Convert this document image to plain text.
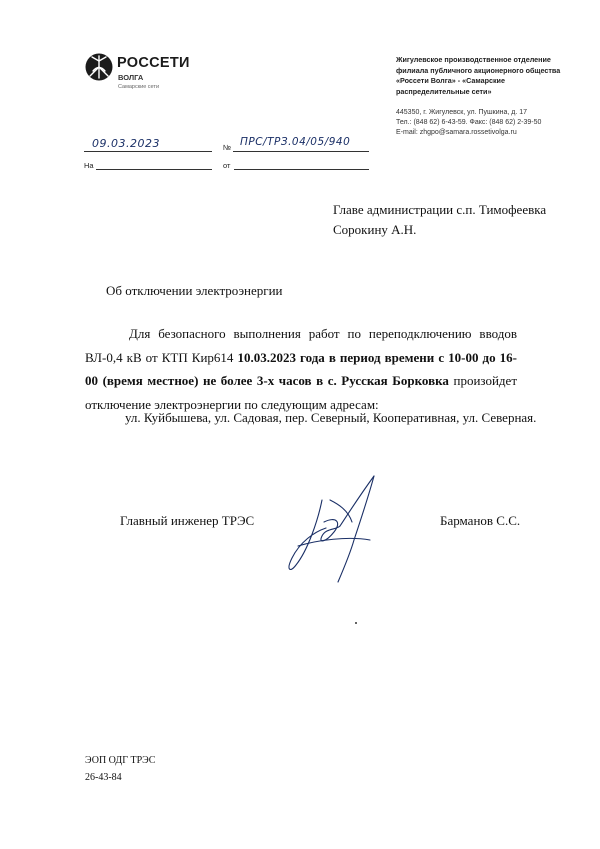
РОССЕТИ
ВОЛГА
Самарские сети
Жигулевское производственное отделение
филиала публичного акционерного общества
«Россети Волга» - «Самарские
распределительные сети»
445350, г. Жигулевск, ул. Пушкина, д. 17
Тел.: (848 62) 6-43-59. Факс: (848 62) 2-39-50
E-mail: zhgpo@samara.rossetivolga.ru
09.03.2023	№ ПРС/ТРЗ.04/05/940
На	от
Главе администрации с.п. Тимофеевка
Сорокину А.Н.
Об отключении электроэнергии
Для безопасного выполнения работ по переподключению вводов ВЛ-0,4 кВ от КТП Кир614 10.03.2023 года в период времени с 10-00 до 16-00 (время местное) не более 3-х часов в с. Русская Борковка произойдет отключение электроэнергии по следующим адресам:
ул. Куйбышева, ул. Садовая, пер. Северный, Кооперативная, ул. Северная.
Главный инженер ТРЭС	Барманов С.С.
ЭОП ОДГ ТРЭС
26-43-84
